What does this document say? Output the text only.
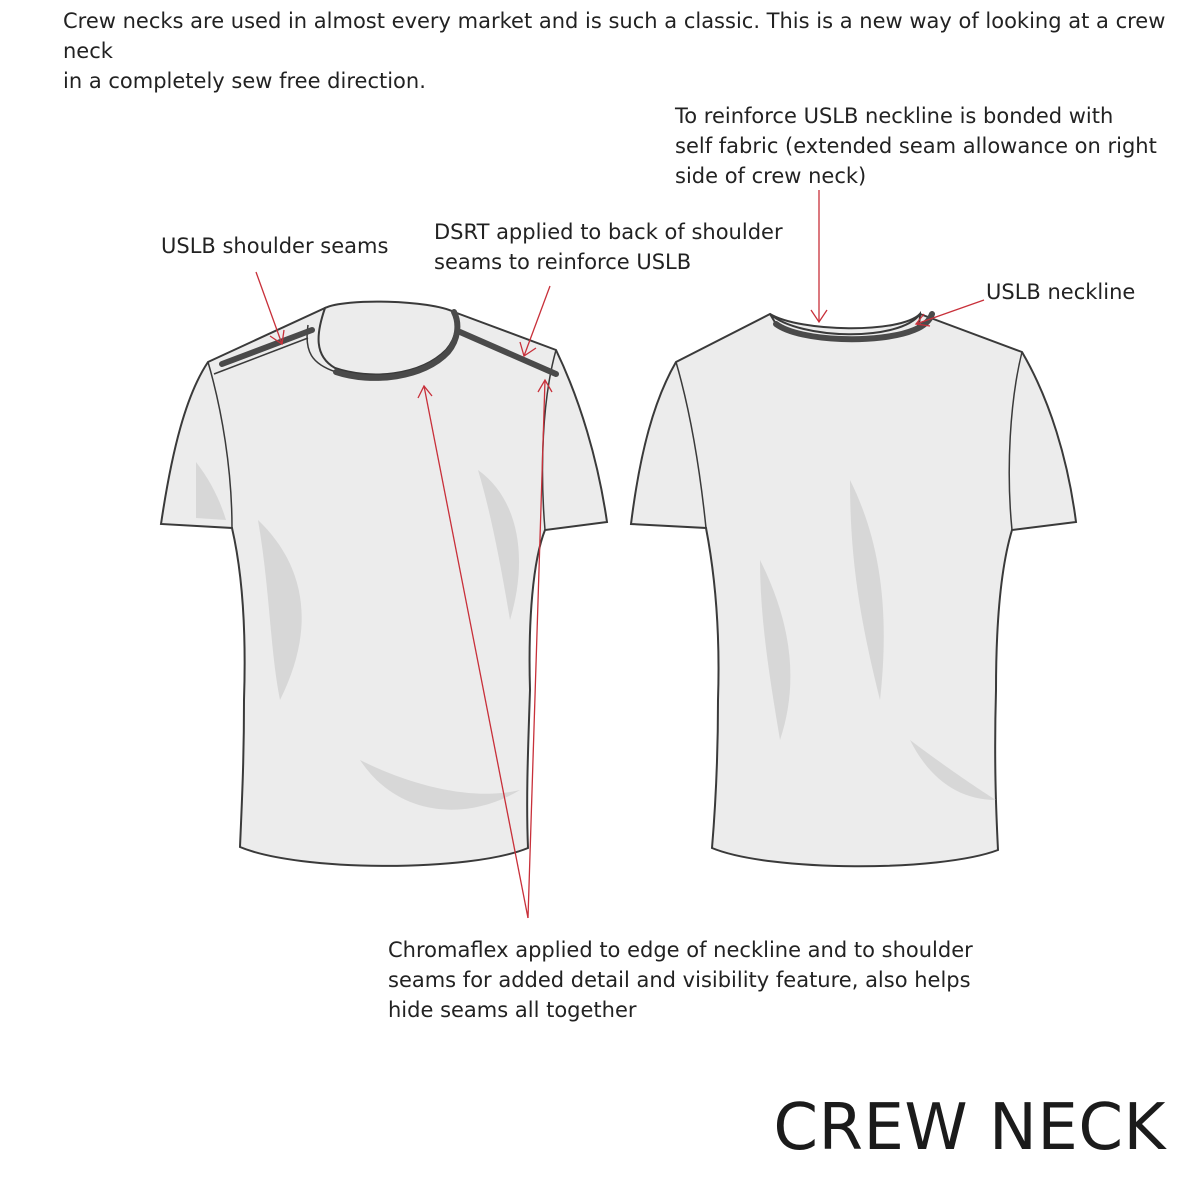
Crew necks are used in almost every market and is such a classic. This is a new way of looking at a crew neck
in a completely sew free direction.
USLB shoulder seams
DSRT applied to back of shoulder
seams to reinforce USLB
To reinforce USLB neckline is bonded with
self fabric (extended seam allowance on right
side of crew neck)
USLB neckline
Chromaflex applied to edge of neckline and to shoulder
seams for added detail and visibility feature, also helps
hide seams all together
CREW NECK
